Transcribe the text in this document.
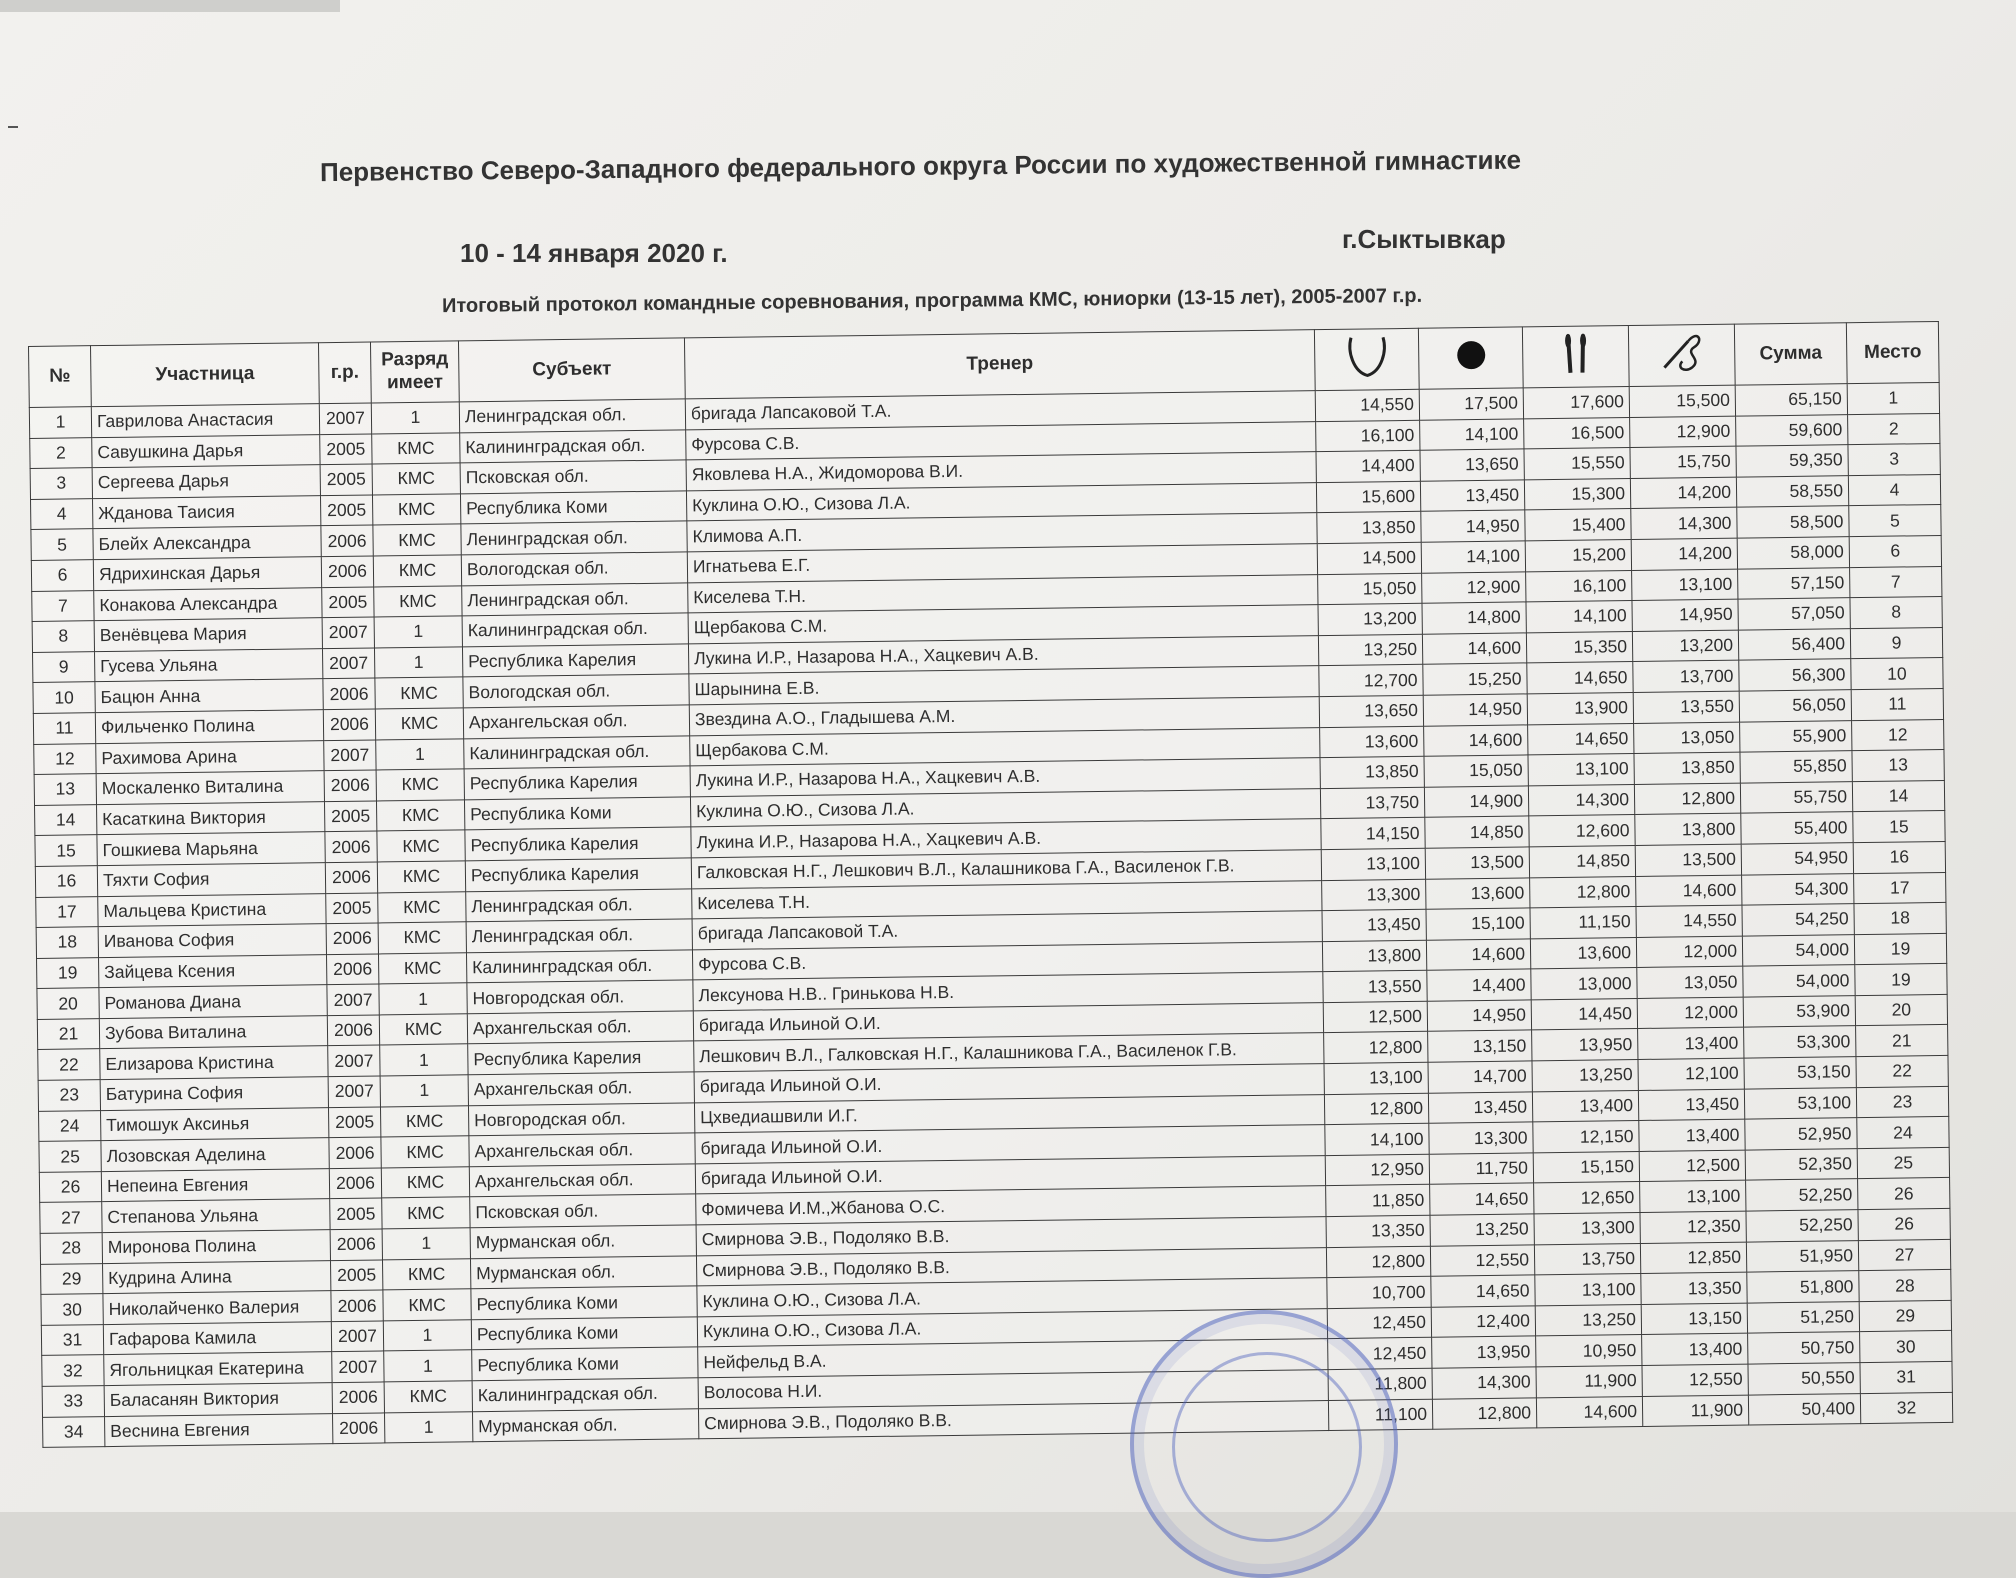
Первенство Северо-Западного федерального округа России по художественной гимнастике
10 - 14 января 2020 г.	г.Сыктывкар
Итоговый протокол командные соревнования, программа КМС, юниорки (13-15 лет), 2005-2007 г.р.
№	Участница	г.р.	Разряд имеет	Субъект	Тренер					Сумма	Место
1	Гаврилова Анастасия	2007	1	Ленинградская обл.	бригада Лапсаковой Т.А.	14,550	17,500	17,600	15,500	65,150	1
2	Савушкина Дарья	2005	КМС	Калининградская обл.	Фурсова С.В.	16,100	14,100	16,500	12,900	59,600	2
3	Сергеева Дарья	2005	КМС	Псковская обл.	Яковлева Н.А., Жидоморова В.И.	14,400	13,650	15,550	15,750	59,350	3
4	Жданова Таисия	2005	КМС	Республика Коми	Куклина О.Ю., Сизова Л.А.	15,600	13,450	15,300	14,200	58,550	4
5	Блейх Александра	2006	КМС	Ленинградская обл.	Климова А.П.	13,850	14,950	15,400	14,300	58,500	5
6	Ядрихинская Дарья	2006	КМС	Вологодская обл.	Игнатьева Е.Г.	14,500	14,100	15,200	14,200	58,000	6
7	Конакова Александра	2005	КМС	Ленинградская обл.	Киселева Т.Н.	15,050	12,900	16,100	13,100	57,150	7
8	Венёвцева Мария	2007	1	Калининградская обл.	Щербакова С.М.	13,200	14,800	14,100	14,950	57,050	8
9	Гусева Ульяна	2007	1	Республика Карелия	Лукина И.Р., Назарова Н.А., Хацкевич А.В.	13,250	14,600	15,350	13,200	56,400	9
10	Бацюн Анна	2006	КМС	Вологодская обл.	Шарынина Е.В.	12,700	15,250	14,650	13,700	56,300	10
11	Фильченко Полина	2006	КМС	Архангельская обл.	Звездина А.О., Гладышева А.М.	13,650	14,950	13,900	13,550	56,050	11
12	Рахимова Арина	2007	1	Калининградская обл.	Щербакова С.М.	13,600	14,600	14,650	13,050	55,900	12
13	Москаленко Виталина	2006	КМС	Республика Карелия	Лукина И.Р., Назарова Н.А., Хацкевич А.В.	13,850	15,050	13,100	13,850	55,850	13
14	Касаткина Виктория	2005	КМС	Республика Коми	Куклина О.Ю., Сизова Л.А.	13,750	14,900	14,300	12,800	55,750	14
15	Гошкиева Марьяна	2006	КМС	Республика Карелия	Лукина И.Р., Назарова Н.А., Хацкевич А.В.	14,150	14,850	12,600	13,800	55,400	15
16	Тяхти София	2006	КМС	Республика Карелия	Галковская Н.Г., Лешкович В.Л., Калашникова Г.А., Василенок Г.В.	13,100	13,500	14,850	13,500	54,950	16
17	Мальцева Кристина	2005	КМС	Ленинградская обл.	Киселева Т.Н.	13,300	13,600	12,800	14,600	54,300	17
18	Иванова София	2006	КМС	Ленинградская обл.	бригада Лапсаковой Т.А.	13,450	15,100	11,150	14,550	54,250	18
19	Зайцева Ксения	2006	КМС	Калининградская обл.	Фурсова С.В.	13,800	14,600	13,600	12,000	54,000	19
20	Романова Диана	2007	1	Новгородская обл.	Лексунова Н.В.. Гринькова Н.В.	13,550	14,400	13,000	13,050	54,000	19
21	Зубова Виталина	2006	КМС	Архангельская обл.	бригада Ильиной О.И.	12,500	14,950	14,450	12,000	53,900	20
22	Елизарова Кристина	2007	1	Республика Карелия	Лешкович В.Л., Галковская Н.Г., Калашникова Г.А., Василенок Г.В.	12,800	13,150	13,950	13,400	53,300	21
23	Батурина София	2007	1	Архангельская обл.	бригада Ильиной О.И.	13,100	14,700	13,250	12,100	53,150	22
24	Тимошук Аксинья	2005	КМС	Новгородская обл.	Цхведиашвили И.Г.	12,800	13,450	13,400	13,450	53,100	23
25	Лозовская Аделина	2006	КМС	Архангельская обл.	бригада Ильиной О.И.	14,100	13,300	12,150	13,400	52,950	24
26	Непеина Евгения	2006	КМС	Архангельская обл.	бригада Ильиной О.И.	12,950	11,750	15,150	12,500	52,350	25
27	Степанова Ульяна	2005	КМС	Псковская обл.	Фомичева И.М.,Жбанова О.С.	11,850	14,650	12,650	13,100	52,250	26
28	Миронова Полина	2006	1	Мурманская обл.	Смирнова Э.В., Подоляко В.В.	13,350	13,250	13,300	12,350	52,250	26
29	Кудрина Алина	2005	КМС	Мурманская обл.	Смирнова Э.В., Подоляко В.В.	12,800	12,550	13,750	12,850	51,950	27
30	Николайченко Валерия	2006	КМС	Республика Коми	Куклина О.Ю., Сизова Л.А.	10,700	14,650	13,100	13,350	51,800	28
31	Гафарова Камила	2007	1	Республика Коми	Куклина О.Ю., Сизова Л.А.	12,450	12,400	13,250	13,150	51,250	29
32	Ягольницкая Екатерина	2007	1	Республика Коми	Нейфельд В.А.	12,450	13,950	10,950	13,400	50,750	30
33	Баласанян Виктория	2006	КМС	Калининградская обл.	Волосова Н.И.	11,800	14,300	11,900	12,550	50,550	31
34	Веснина Евгения	2006	1	Мурманская обл.	Смирнова Э.В., Подоляко В.В.	11,100	12,800	14,600	11,900	50,400	32
